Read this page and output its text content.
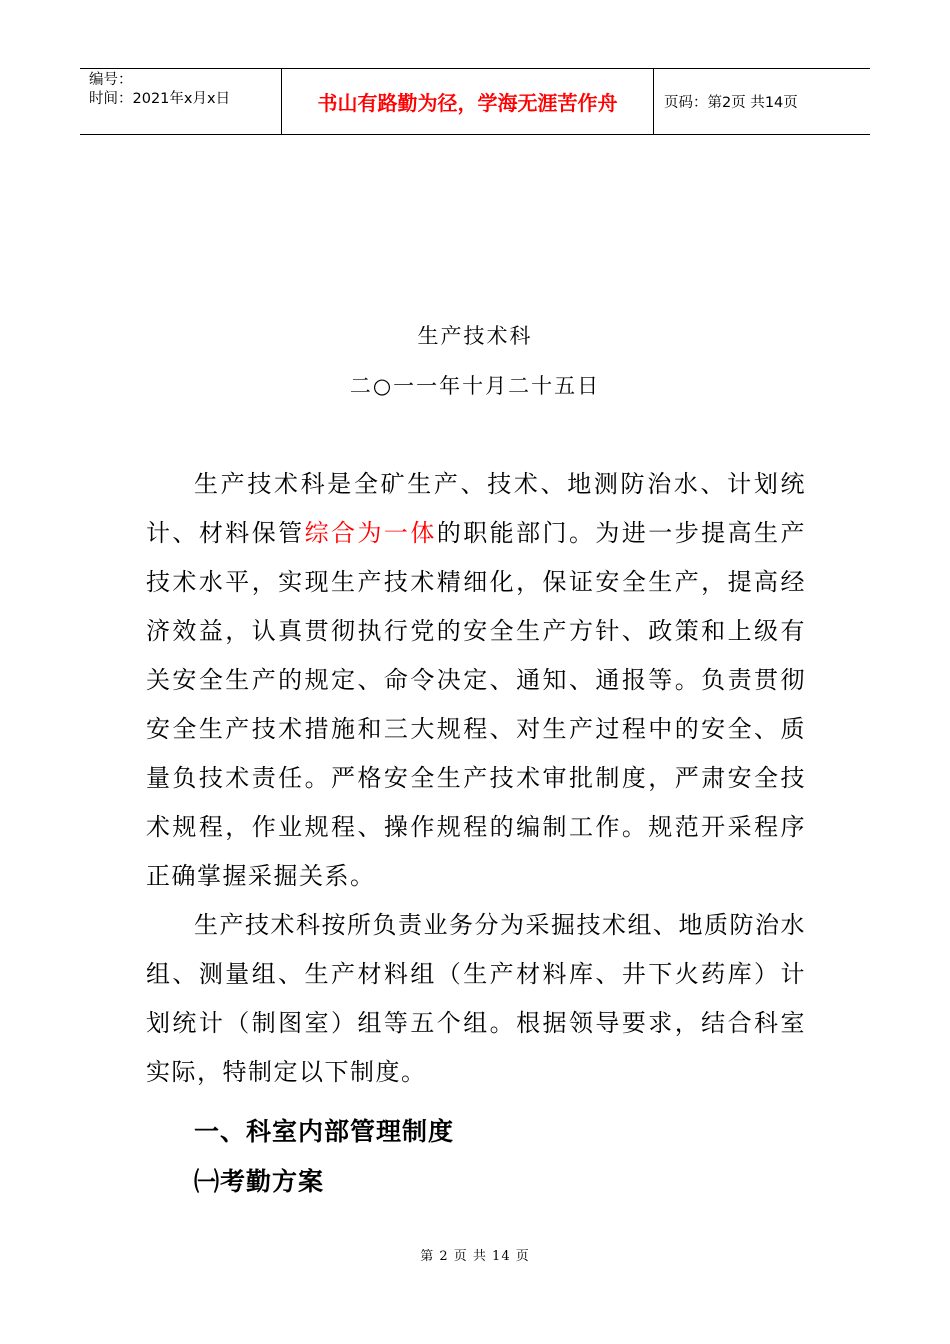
编号：
时间：2021年x月x日	书山有路勤为径，学海无涯苦作舟	页码：第2页 共14页
生产技术科
二○一一年十月二十五日

生产技术科是全矿生产、技术、地测防治水、计划统计、材料保管综合为一体的职能部门。为进一步提高生产技术水平，实现生产技术精细化，保证安全生产，提高经济效益，认真贯彻执行党的安全生产方针、政策和上级有关安全生产的规定、命令决定、通知、通报等。负责贯彻安全生产技术措施和三大规程、对生产过程中的安全、质量负技术责任。严格安全生产技术审批制度，严肃安全技术规程，作业规程、操作规程的编制工作。规范开采程序正确掌握采掘关系。

生产技术科按所负责业务分为采掘技术组、地质防治水组、测量组、生产材料组（生产材料库、井下火药库）计划统计（制图室）组等五个组。根据领导要求，结合科室实际，特制定以下制度。

一、科室内部管理制度
㈠考勤方案
第 2 页 共 14 页
